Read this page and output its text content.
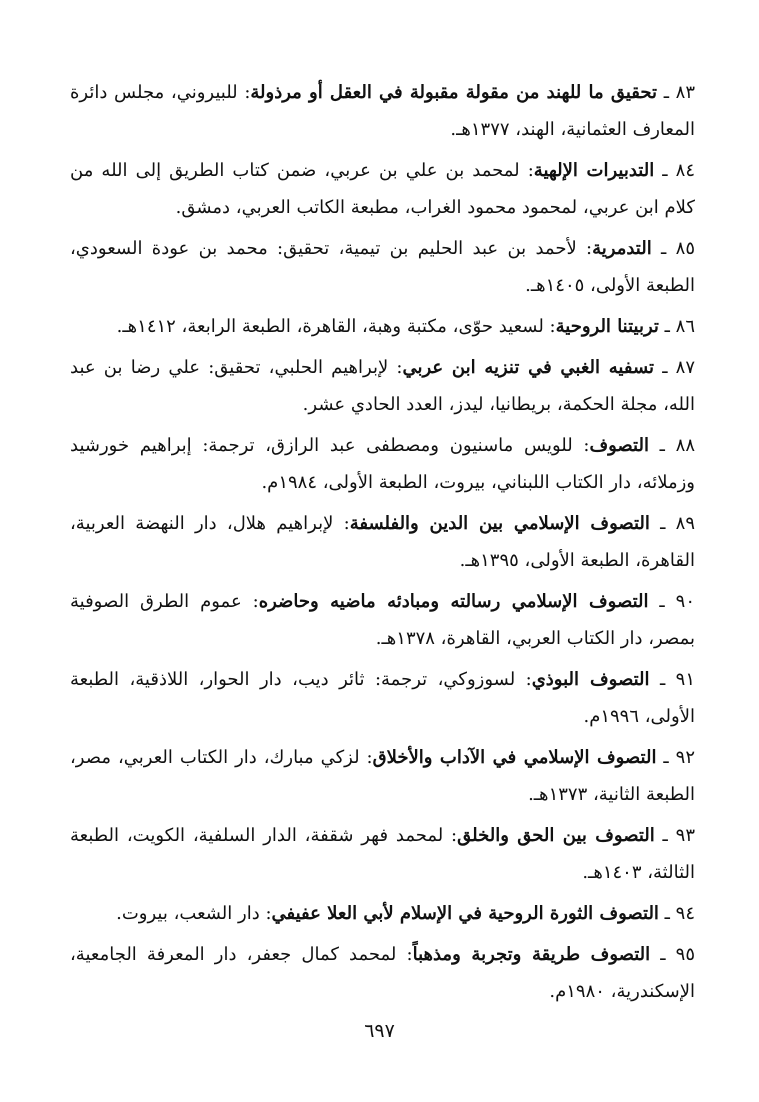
٨٣ ـ تحقيق ما للهند من مقولة مقبولة في العقل أو مرذولة: للبيروني، مجلس دائرة المعارف العثمانية، الهند، ١٣٧٧هـ.

٨٤ ـ التدبيرات الإلهية: لمحمد بن علي بن عربي، ضمن كتاب الطريق إلى الله من كلام ابن عربي، لمحمود محمود الغراب، مطبعة الكاتب العربي، دمشق.

٨٥ ـ التدمرية: لأحمد بن عبد الحليم بن تيمية، تحقيق: محمد بن عودة السعودي، الطبعة الأولى، ١٤٠٥هـ.

٨٦ ـ تربيتنا الروحية: لسعيد حوّى، مكتبة وهبة، القاهرة، الطبعة الرابعة، ١٤١٢هـ.

٨٧ ـ تسفيه الغبي في تنزيه ابن عربي: لإبراهيم الحلبي، تحقيق: علي رضا بن عبد الله، مجلة الحكمة، بريطانيا، ليدز، العدد الحادي عشر.

٨٨ ـ التصوف: للويس ماسنيون ومصطفى عبد الرازق، ترجمة: إبراهيم خورشيد وزملائه، دار الكتاب اللبناني، بيروت، الطبعة الأولى، ١٩٨٤م.

٨٩ ـ التصوف الإسلامي بين الدين والفلسفة: لإبراهيم هلال، دار النهضة العربية، القاهرة، الطبعة الأولى، ١٣٩٥هـ.

٩٠ ـ التصوف الإسلامي رسالته ومبادئه ماضيه وحاضره: عموم الطرق الصوفية بمصر، دار الكتاب العربي، القاهرة، ١٣٧٨هـ.

٩١ ـ التصوف البوذي: لسوزوكي، ترجمة: ثائر ديب، دار الحوار، اللاذقية، الطبعة الأولى، ١٩٩٦م.

٩٢ ـ التصوف الإسلامي في الآداب والأخلاق: لزكي مبارك، دار الكتاب العربي، مصر، الطبعة الثانية، ١٣٧٣هـ.

٩٣ ـ التصوف بين الحق والخلق: لمحمد فهر شقفة، الدار السلفية، الكويت، الطبعة الثالثة، ١٤٠٣هـ.

٩٤ ـ التصوف الثورة الروحية في الإسلام لأبي العلا عفيفي: دار الشعب، بيروت.

٩٥ ـ التصوف طريقة وتجربة ومذهباً: لمحمد كمال جعفر، دار المعرفة الجامعية، الإسكندرية، ١٩٨٠م.

٦٩٧
